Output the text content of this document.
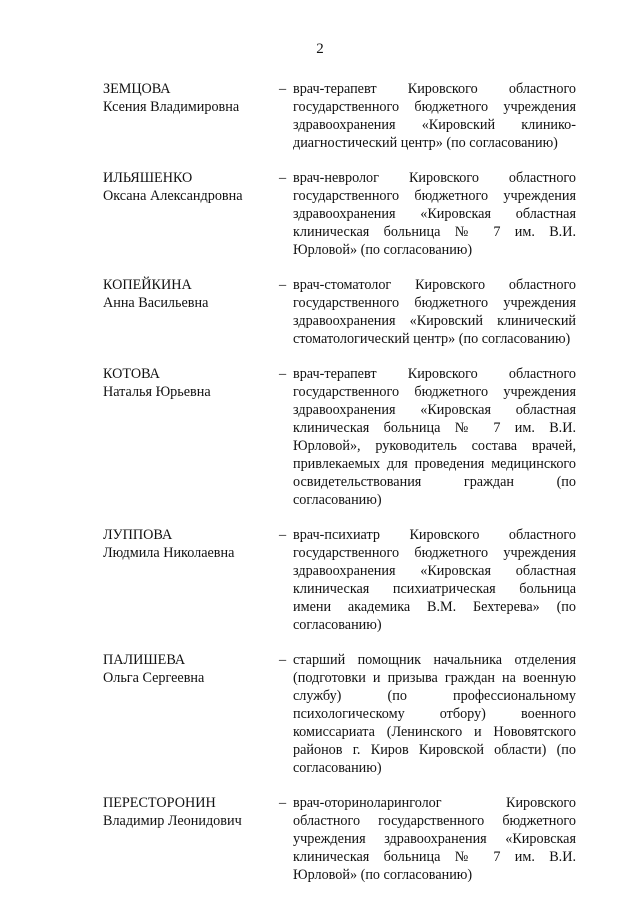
2
ЗЕМЦОВА
Ксения Владимировна
– врач-терапевт Кировского областного государственного бюджетного учреждения здравоохранения «Кировский клинико-диагностический центр» (по согласованию)
ИЛЬЯШЕНКО
Оксана Александровна
– врач-невролог Кировского областного государственного бюджетного учреждения здравоохранения «Кировская областная клиническая больница № 7 им. В.И. Юрловой» (по согласованию)
КОПЕЙКИНА
Анна Васильевна
– врач-стоматолог Кировского областного государственного бюджетного учреждения здравоохранения «Кировский клинический стоматологический центр» (по согласованию)
КОТОВА
Наталья Юрьевна
– врач-терапевт Кировского областного государственного бюджетного учреждения здравоохранения «Кировская областная клиническая больница № 7 им. В.И. Юрловой», руководитель состава врачей, привлекаемых для проведения медицинского освидетельствования граждан (по согласованию)
ЛУППОВА
Людмила Николаевна
– врач-психиатр Кировского областного государственного бюджетного учреждения здравоохранения «Кировская областная клиническая психиатрическая больница имени академика В.М. Бехтерева» (по согласованию)
ПАЛИШЕВА
Ольга Сергеевна
– старший помощник начальника отделения (подготовки и призыва граждан на военную службу) (по профессиональному психологическому отбору) военного комиссариата (Ленинского и Нововятского районов г. Киров Кировской области) (по согласованию)
ПЕРЕСТОРОНИН
Владимир Леонидович
– врач-оториноларинголог Кировского областного государственного бюджетного учреждения здравоохранения «Кировская клиническая больница № 7 им. В.И. Юрловой» (по согласованию)
